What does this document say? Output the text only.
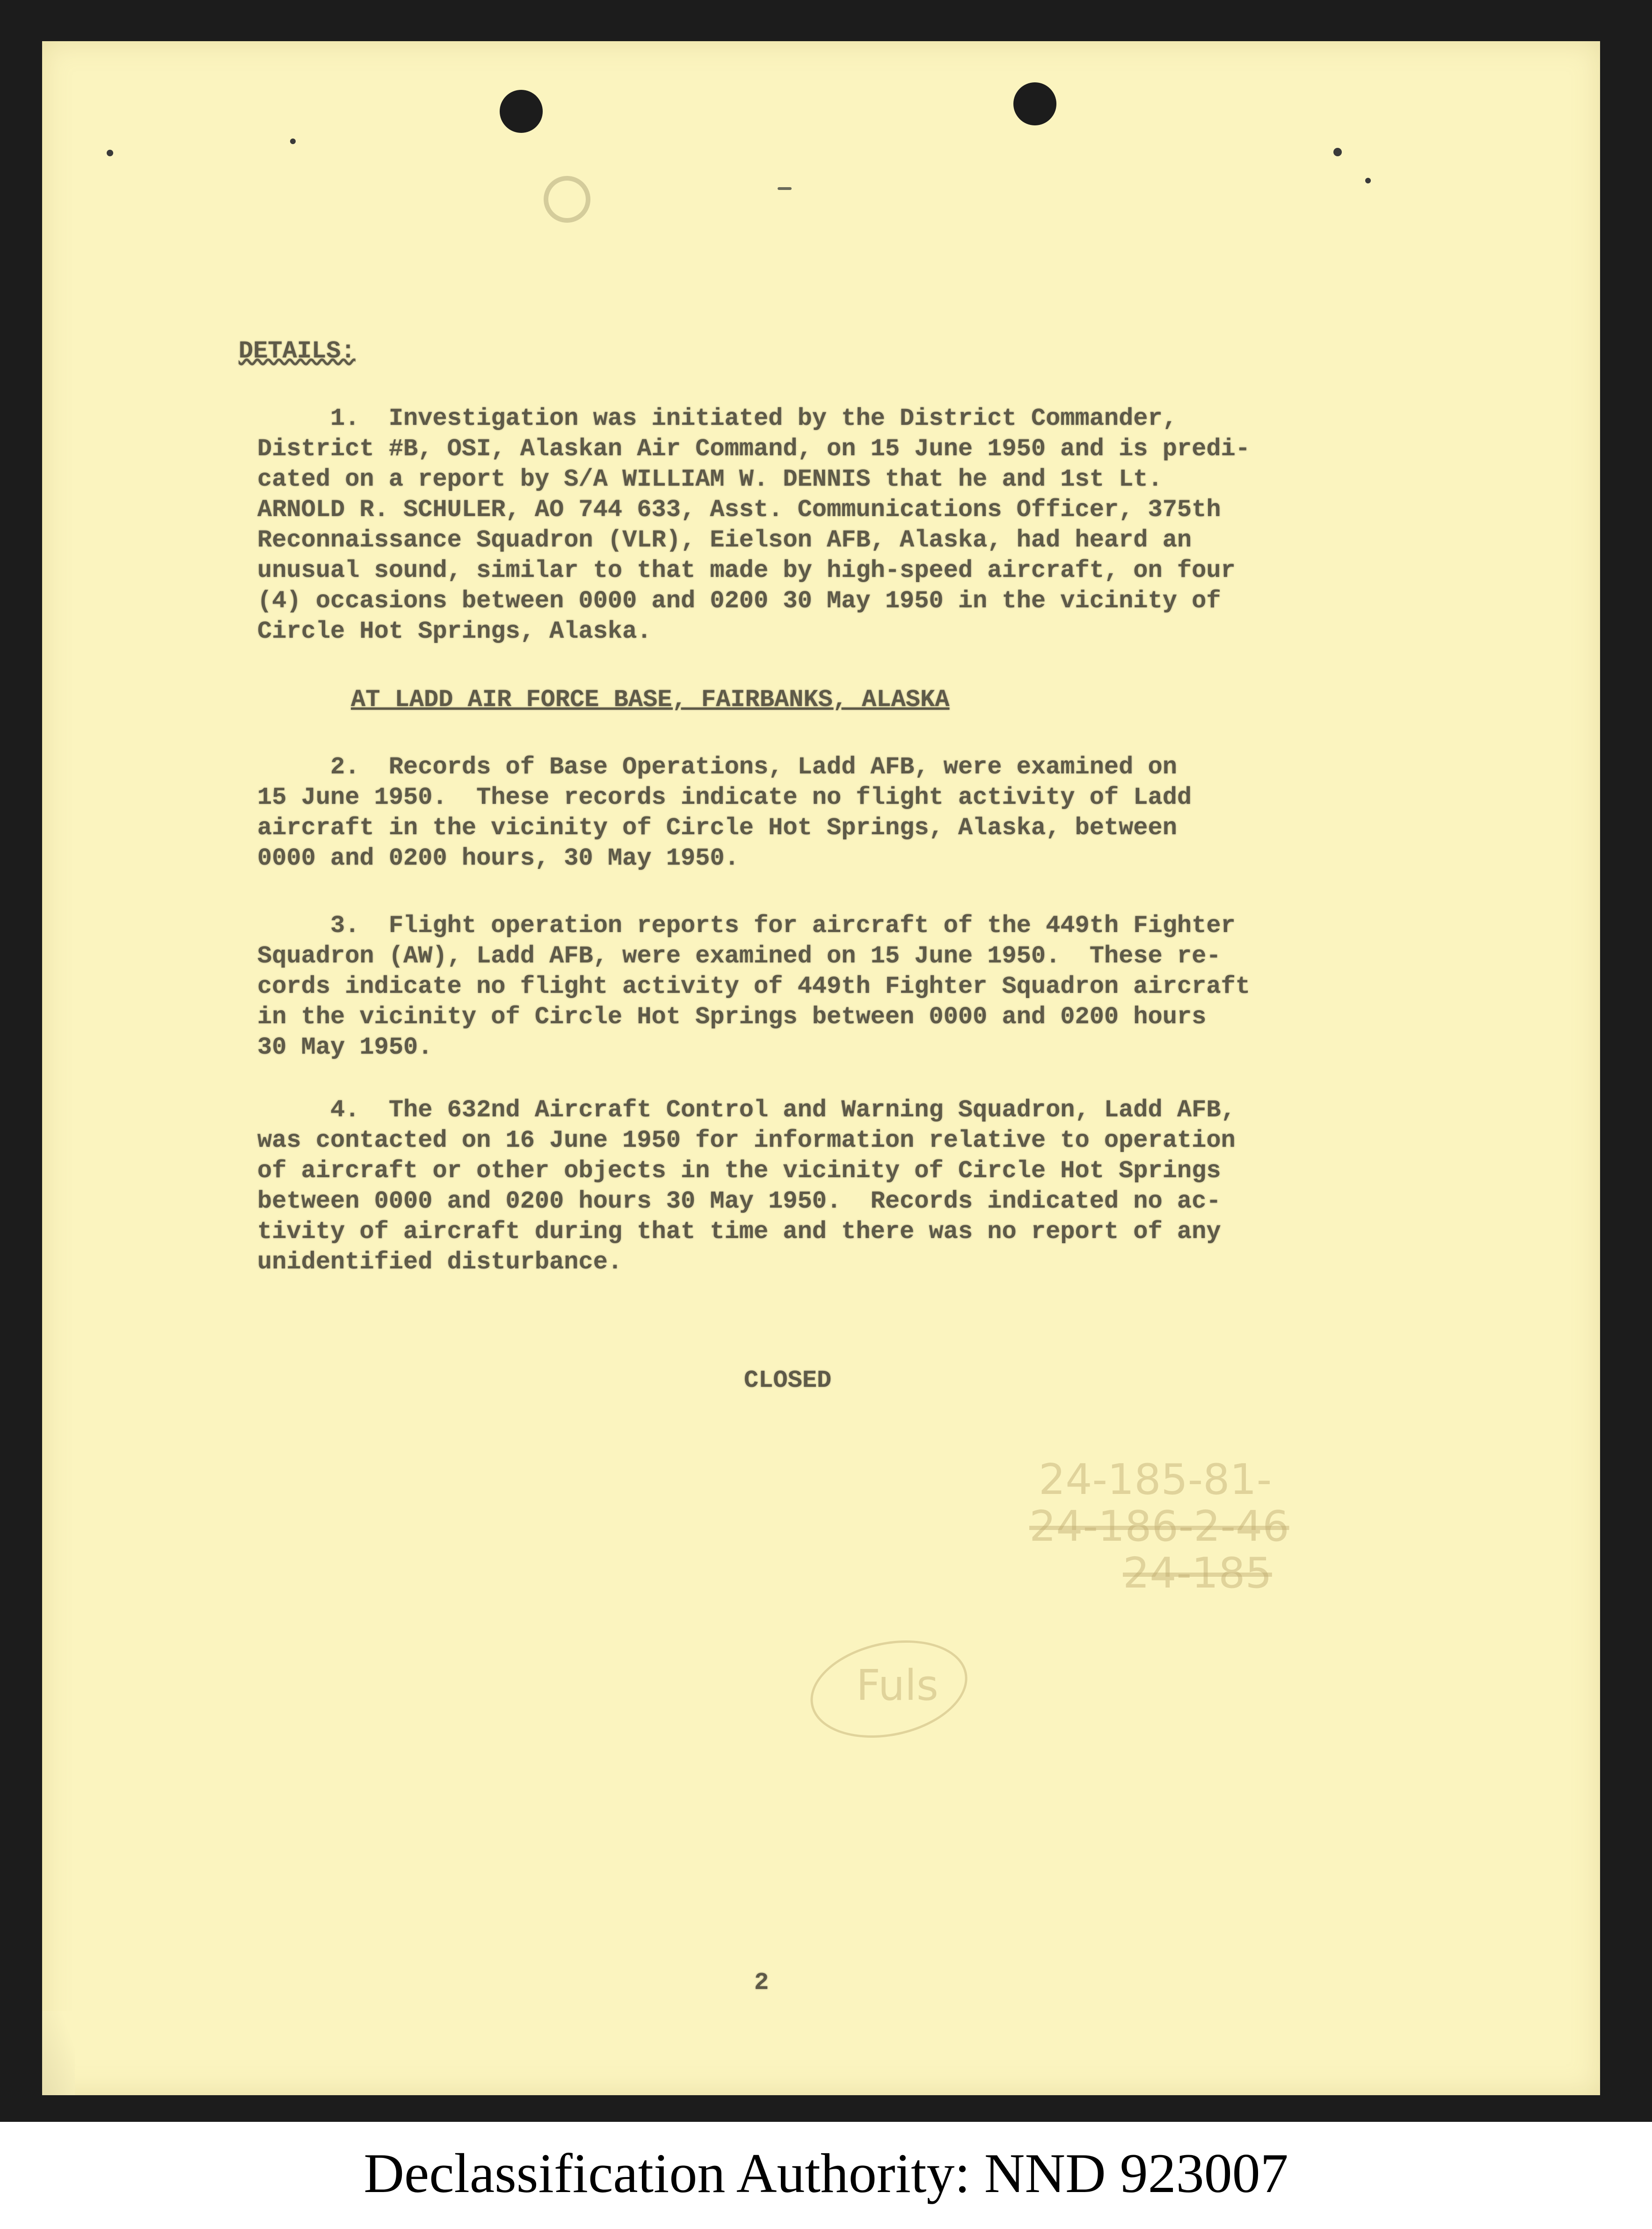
DETAILS:
1.  Investigation was initiated by the District Commander,
District #B, OSI, Alaskan Air Command, on 15 June 1950 and is predi-
cated on a report by S/A WILLIAM W. DENNIS that he and 1st Lt.
ARNOLD R. SCHULER, AO 744 633, Asst. Communications Officer, 375th
Reconnaissance Squadron (VLR), Eielson AFB, Alaska, had heard an
unusual sound, similar to that made by high-speed aircraft, on four
(4) occasions between 0000 and 0200 30 May 1950 in the vicinity of
Circle Hot Springs, Alaska.
AT LADD AIR FORCE BASE, FAIRBANKS, ALASKA
2.  Records of Base Operations, Ladd AFB, were examined on
15 June 1950.  These records indicate no flight activity of Ladd
aircraft in the vicinity of Circle Hot Springs, Alaska, between
0000 and 0200 hours, 30 May 1950.
3.  Flight operation reports for aircraft of the 449th Fighter
Squadron (AW), Ladd AFB, were examined on 15 June 1950.  These re-
cords indicate no flight activity of 449th Fighter Squadron aircraft
in the vicinity of Circle Hot Springs between 0000 and 0200 hours
30 May 1950.
4.  The 632nd Aircraft Control and Warning Squadron, Ladd AFB,
was contacted on 16 June 1950 for information relative to operation
of aircraft or other objects in the vicinity of Circle Hot Springs
between 0000 and 0200 hours 30 May 1950.  Records indicated no ac-
tivity of aircraft during that time and there was no report of any
unidentified disturbance.
CLOSED
24-185-81-
24-186-2-46
24-185
Fuls
2
Declassification Authority: NND 923007
